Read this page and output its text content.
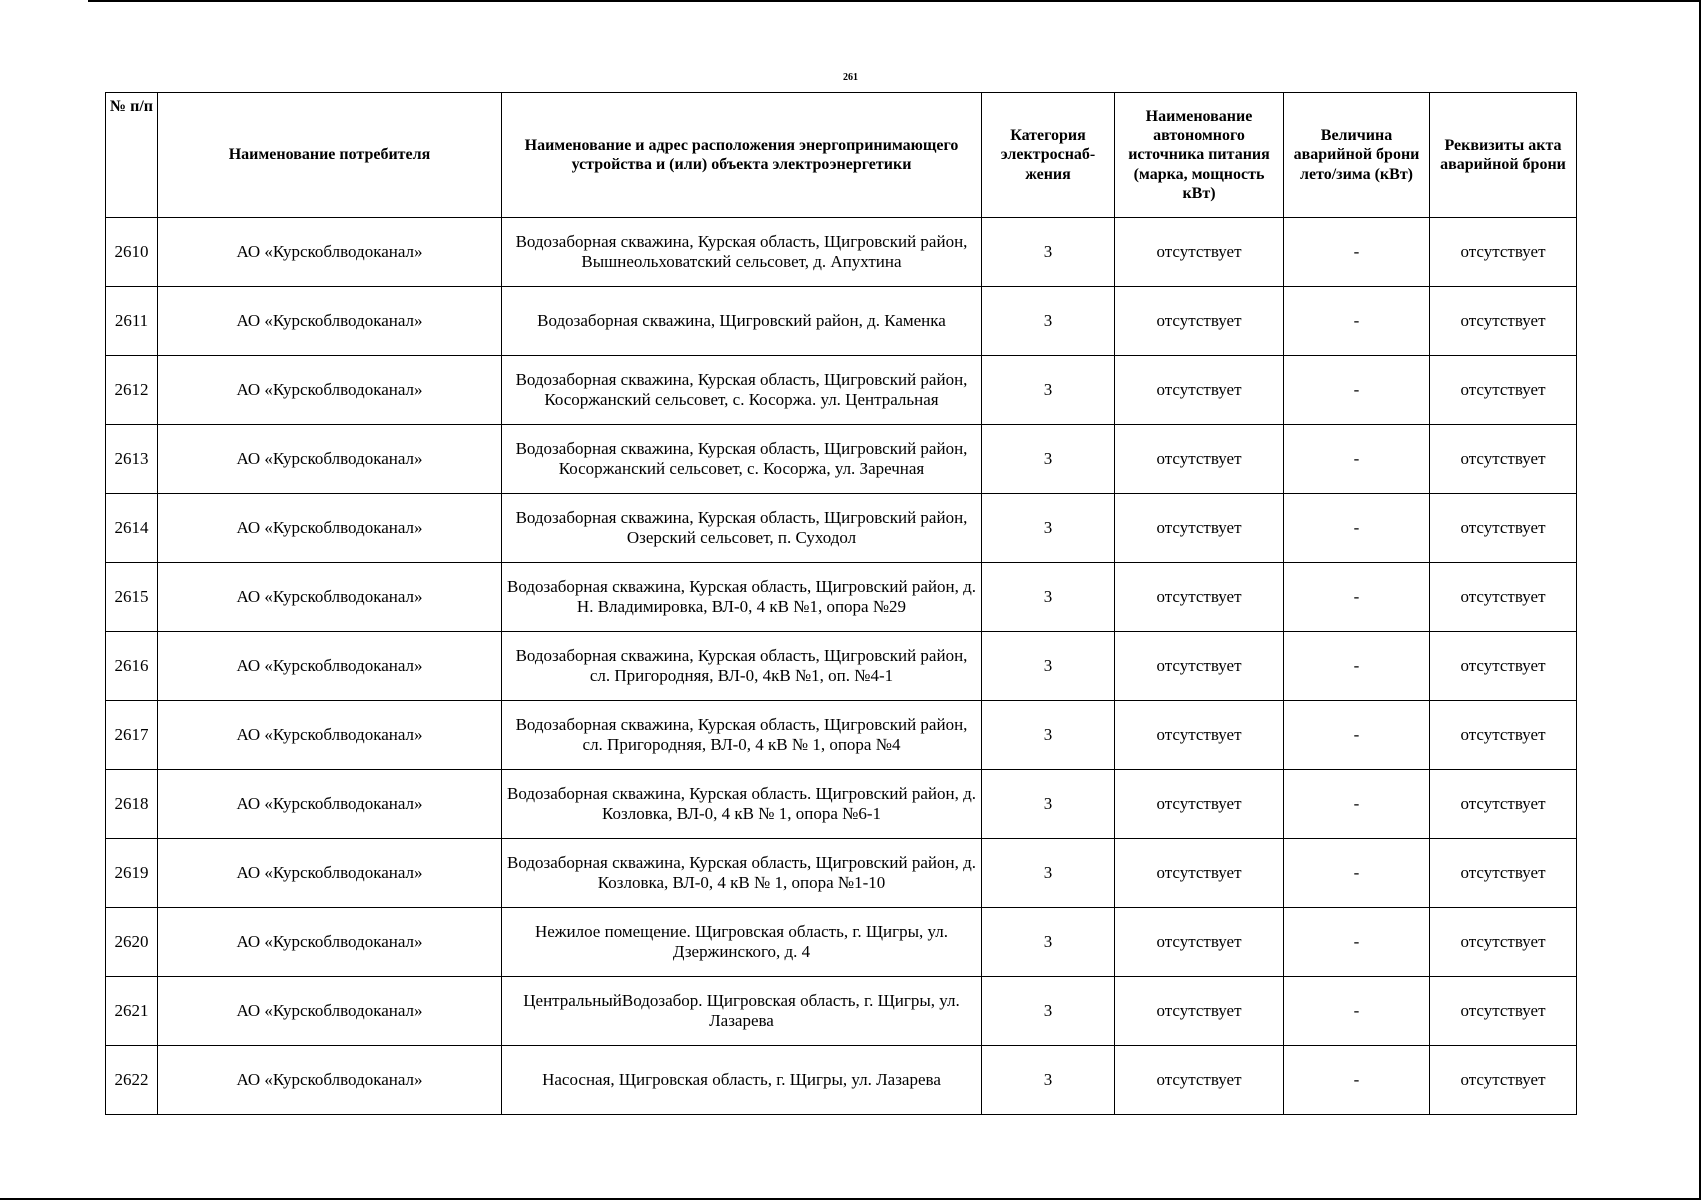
261
№ п/п	Наименование потребителя	Наименование и адрес расположения энергопринимающего устройства и (или) объекта электроэнергетики	Категория электроснаб-жения	Наименование автономного источника питания (марка, мощность кВт)	Величина аварийной брони лето/зима (кВт)	Реквизиты акта аварийной брони
2610	АО «Курскоблводоканал»	Водозаборная скважина, Курская область, Щигровский район, Вышнеольховатский сельсовет, д. Апухтина	3	отсутствует	-	отсутствует
2611	АО «Курскоблводоканал»	Водозаборная скважина, Щигровский район, д. Каменка	3	отсутствует	-	отсутствует
2612	АО «Курскоблводоканал»	Водозаборная скважина, Курская область, Щигровский район, Косоржанский сельсовет, с. Косоржа. ул. Центральная	3	отсутствует	-	отсутствует
2613	АО «Курскоблводоканал»	Водозаборная скважина, Курская область, Щигровский район, Косоржанский сельсовет, с. Косоржа, ул. Заречная	3	отсутствует	-	отсутствует
2614	АО «Курскоблводоканал»	Водозаборная скважина, Курская область, Щигровский район, Озерский сельсовет, п. Суходол	3	отсутствует	-	отсутствует
2615	АО «Курскоблводоканал»	Водозаборная скважина, Курская область, Щигровский район, д. Н. Владимировка, ВЛ-0, 4 кВ №1, опора №29	3	отсутствует	-	отсутствует
2616	АО «Курскоблводоканал»	Водозаборная скважина, Курская область, Щигровский район, сл. Пригородняя, ВЛ-0, 4кВ №1, оп. №4-1	3	отсутствует	-	отсутствует
2617	АО «Курскоблводоканал»	Водозаборная скважина, Курская область, Щигровский район, сл. Пригородняя, ВЛ-0, 4 кВ № 1, опора №4	3	отсутствует	-	отсутствует
2618	АО «Курскоблводоканал»	Водозаборная скважина, Курская область. Щигровский район, д. Козловка, ВЛ-0, 4 кВ № 1, опора №6-1	3	отсутствует	-	отсутствует
2619	АО «Курскоблводоканал»	Водозаборная скважина, Курская область, Щигровский район, д. Козловка, ВЛ-0, 4 кВ № 1, опора №1-10	3	отсутствует	-	отсутствует
2620	АО «Курскоблводоканал»	Нежилое помещение. Щигровская область, г. Щигры, ул. Дзержинского, д. 4	3	отсутствует	-	отсутствует
2621	АО «Курскоблводоканал»	ЦентральныйВодозабор. Щигровская область, г. Щигры, ул. Лазарева	3	отсутствует	-	отсутствует
2622	АО «Курскоблводоканал»	Насосная, Щигровская область, г. Щигры, ул. Лазарева	3	отсутствует	-	отсутствует
